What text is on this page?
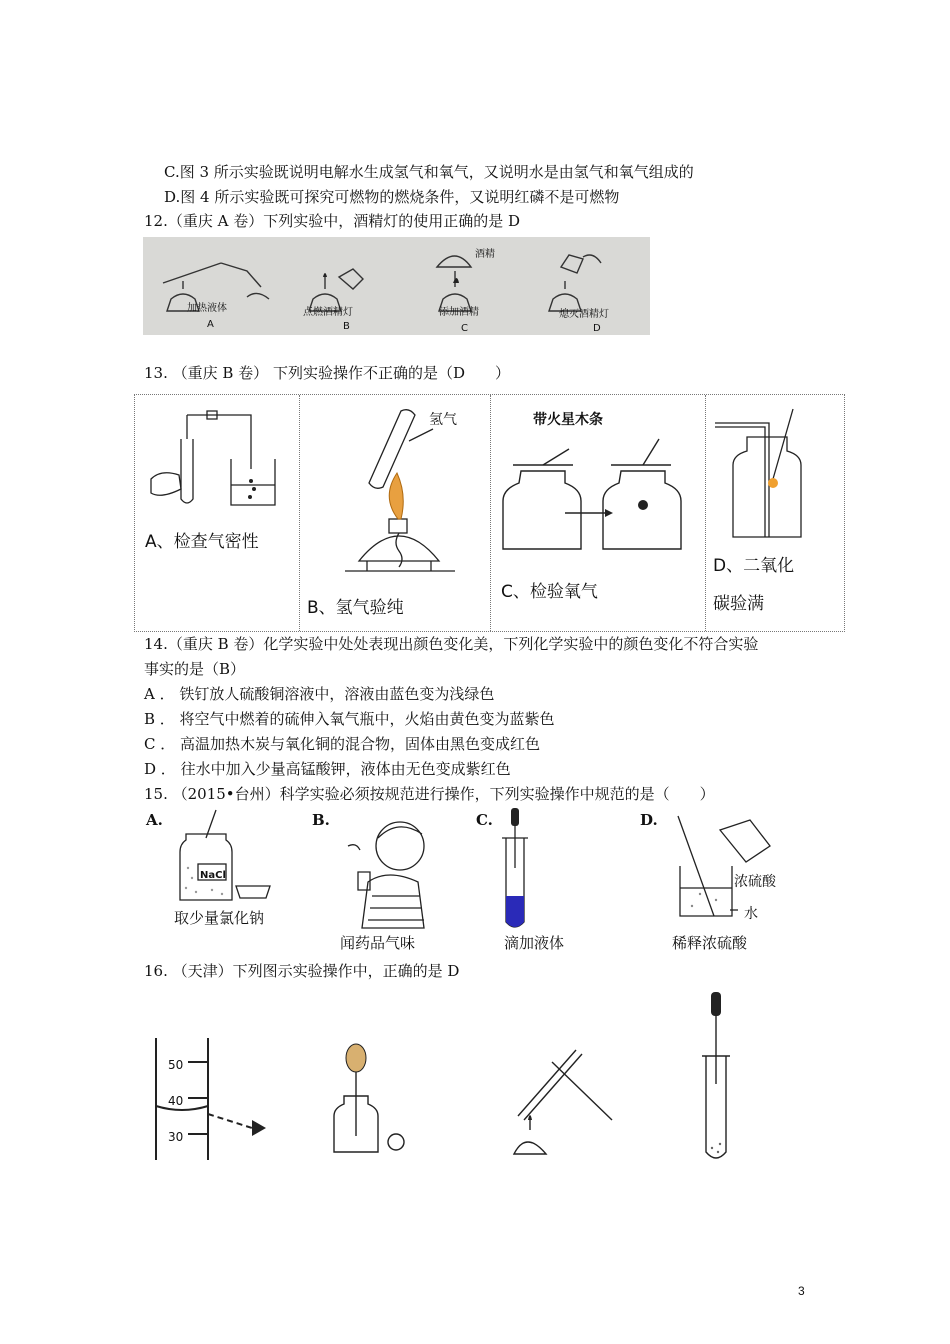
C.图 3 所示实验既说明电解水生成氢气和氧气，又说明水是由氢气和氧气组成的
D.图 4 所示实验既可探究可燃物的燃烧条件，又说明红磷不是可燃物
12.（重庆 A 卷）下列实验中，酒精灯的使用正确的是 D
加热液体	点燃酒精灯	添加酒精	熄灭酒精灯
A	B	C	D
酒精
13. （重庆 B 卷） 下列实验操作不正确的是（D　　）
A、检查气密性
氢气
B、氢气验纯
带火星木条
C、检验氧气
D、二氧化
碳验满
14.（重庆 B 卷）化学实验中处处表现出颜色变化美，下列化学实验中的颜色变化不符合实验
事实的是（B）
A ． 铁钉放人硫酸铜溶液中，溶液由蓝色变为浅绿色
B ． 将空气中燃着的硫伸入氧气瓶中，火焰由黄色变为蓝紫色
C ． 高温加热木炭与氧化铜的混合物，固体由黑色变成红色
D ． 往水中加入少量高锰酸钾，液体由无色变成紫红色
15. （2015•台州）科学实验必须按规范进行操作，下列实验操作中规范的是（　　）
A.	B.	C.	D.
NaCl
取少量氯化钠
闻药品气味	滴加液体
浓硫酸
水
稀释浓硫酸
16. （天津）下列图示实验操作中，正确的是 D
50
40
30
3
